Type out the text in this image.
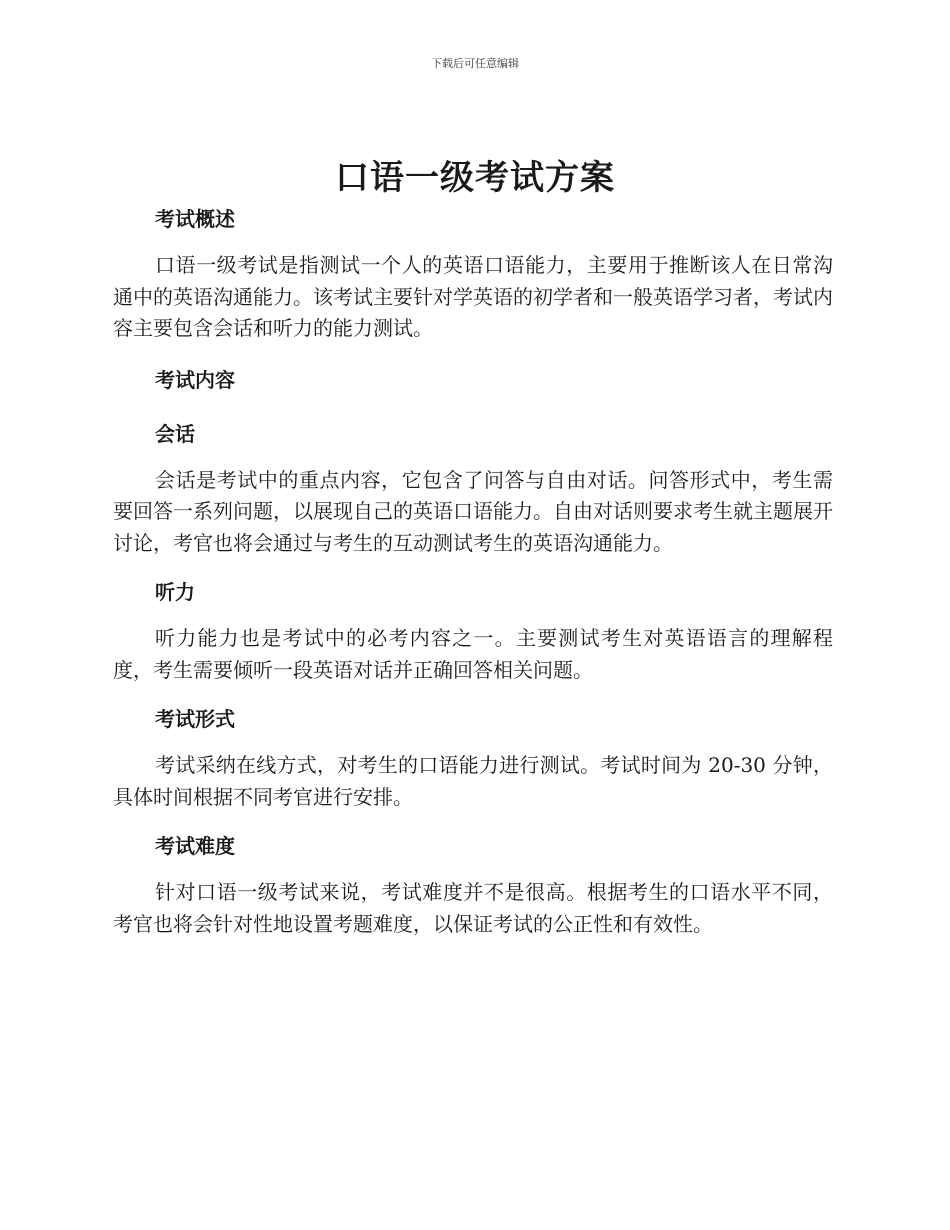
下载后可任意编辑
口语一级考试方案
考试概述

口语一级考试是指测试一个人的英语口语能力，主要用于推断该人在日常沟通中的英语沟通能力。该考试主要针对学英语的初学者和一般英语学习者，考试内容主要包含会话和听力的能力测试。

考试内容
会话

会话是考试中的重点内容，它包含了问答与自由对话。问答形式中，考生需要回答一系列问题，以展现自己的英语口语能力。自由对话则要求考生就主题展开讨论，考官也将会通过与考生的互动测试考生的英语沟通能力。

听力

听力能力也是考试中的必考内容之一。主要测试考生对英语语言的理解程度，考生需要倾听一段英语对话并正确回答相关问题。

考试形式

考试采纳在线方式，对考生的口语能力进行测试。考试时间为 20-30 分钟，具体时间根据不同考官进行安排。

考试难度

针对口语一级考试来说，考试难度并不是很高。根据考生的口语水平不同，考官也将会针对性地设置考题难度，以保证考试的公正性和有效性。
